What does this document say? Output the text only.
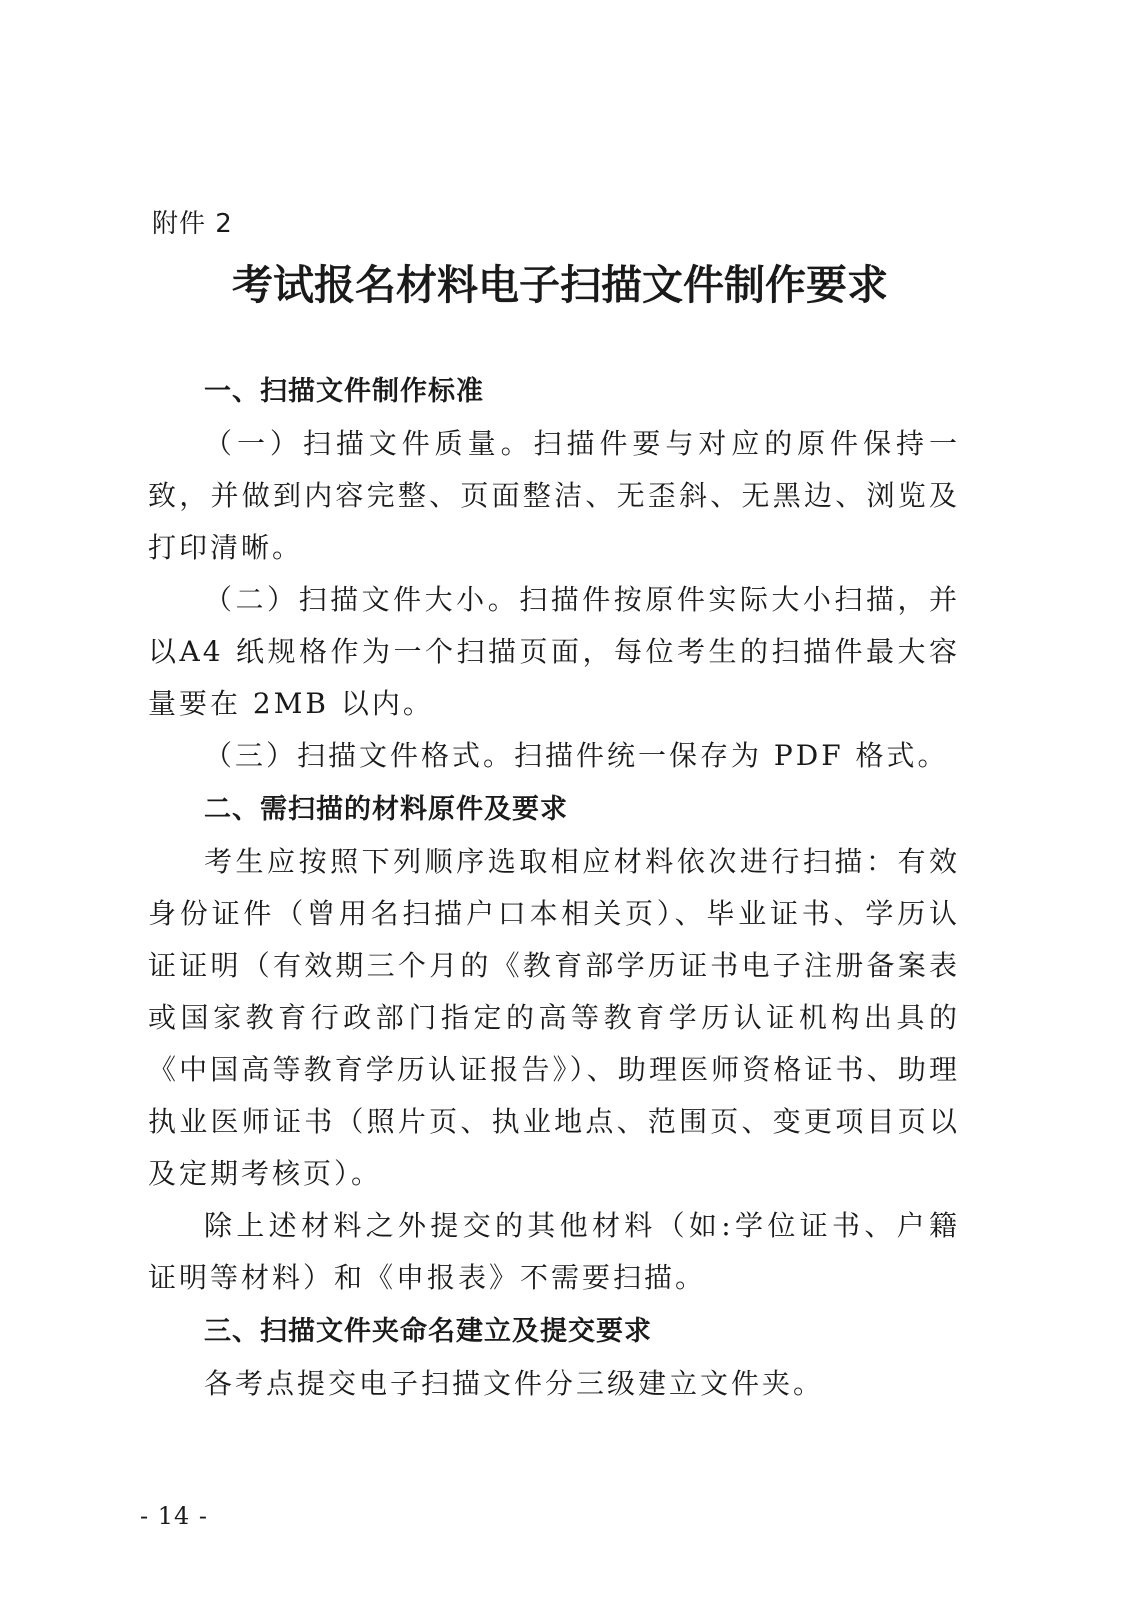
附件 2
考试报名材料电子扫描文件制作要求

一、扫描文件制作标准

（一）扫描文件质量。扫描件要与对应的原件保持一致，并做到内容完整、页面整洁、无歪斜、无黑边、浏览及打印清晰。

（二）扫描文件大小。扫描件按原件实际大小扫描，并以A4 纸规格作为一个扫描页面，每位考生的扫描件最大容量要在 2MB 以内。

（三）扫描文件格式。扫描件统一保存为 PDF 格式。

二、需扫描的材料原件及要求

考生应按照下列顺序选取相应材料依次进行扫描：有效身份证件（曾用名扫描户口本相关页）、毕业证书、学历认证证明（有效期三个月的《教育部学历证书电子注册备案表或国家教育行政部门指定的高等教育学历认证机构出具的《中国高等教育学历认证报告》）、助理医师资格证书、助理执业医师证书（照片页、执业地点、范围页、变更项目页以及定期考核页）。

除上述材料之外提交的其他材料（如:学位证书、户籍证明等材料）和《申报表》不需要扫描。

三、扫描文件夹命名建立及提交要求

各考点提交电子扫描文件分三级建立文件夹。

- 14 -
